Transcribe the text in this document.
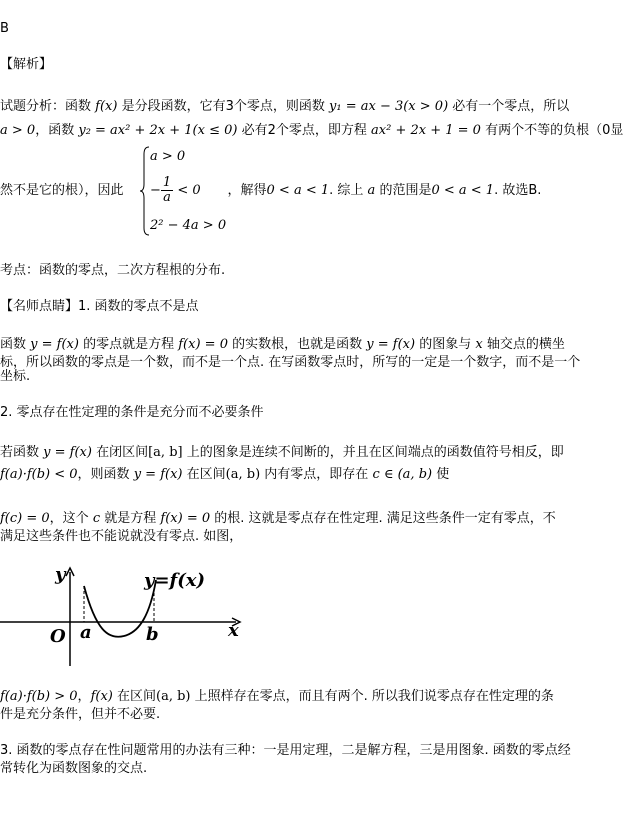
B
【解析】
试题分析：函数 f(x) 是分段函数，它有3个零点，则函数 y₁ = ax − 3(x > 0) 必有一个零点，所以
a > 0，函数 y₂ = ax² + 2x + 1(x ≤ 0) 必有2个零点，即方程 ax² + 2x + 1 = 0 有两个不等的负根（0显
然不是它的根），因此	，解得0 < a < 1. 综上 a 的范围是0 < a < 1. 故选B.
a > 0
− $\frac{1}{a} < 0$
2² − 4a > 0
考点：函数的零点，二次方程根的分布.
【名师点睛】1. 函数的零点不是点
函数 y = f(x) 的零点就是方程 f(x) = 0 的实数根，也就是函数 y = f(x) 的图象与 x 轴交点的横坐
标，所以函数的零点是一个数，而不是一个点. 在写函数零点时，所写的一定是一个数字，而不是一个
坐标.
2. 零点存在性定理的条件是充分而不必要条件
若函数 y = f(x) 在闭区间[a, b] 上的图象是连续不间断的，并且在区间端点的函数值符号相反，即
f(a)·f(b) < 0，则函数 y = f(x) 在区间(a, b) 内有零点，即存在 c ∈ (a, b) 使
f(c) = 0，这个 c 就是方程 f(x) = 0 的根. 这就是零点存在性定理. 满足这些条件一定有零点，不
满足这些条件也不能说就没有零点. 如图，
y	y=f(x)
O a	b	x
f(a)·f(b) > 0，f(x) 在区间(a, b) 上照样存在零点，而且有两个. 所以我们说零点存在性定理的条
件是充分条件，但并不必要.
3. 函数的零点存在性问题常用的办法有三种：一是用定理，二是解方程，三是用图象. 函数的零点经
常转化为函数图象的交点.
